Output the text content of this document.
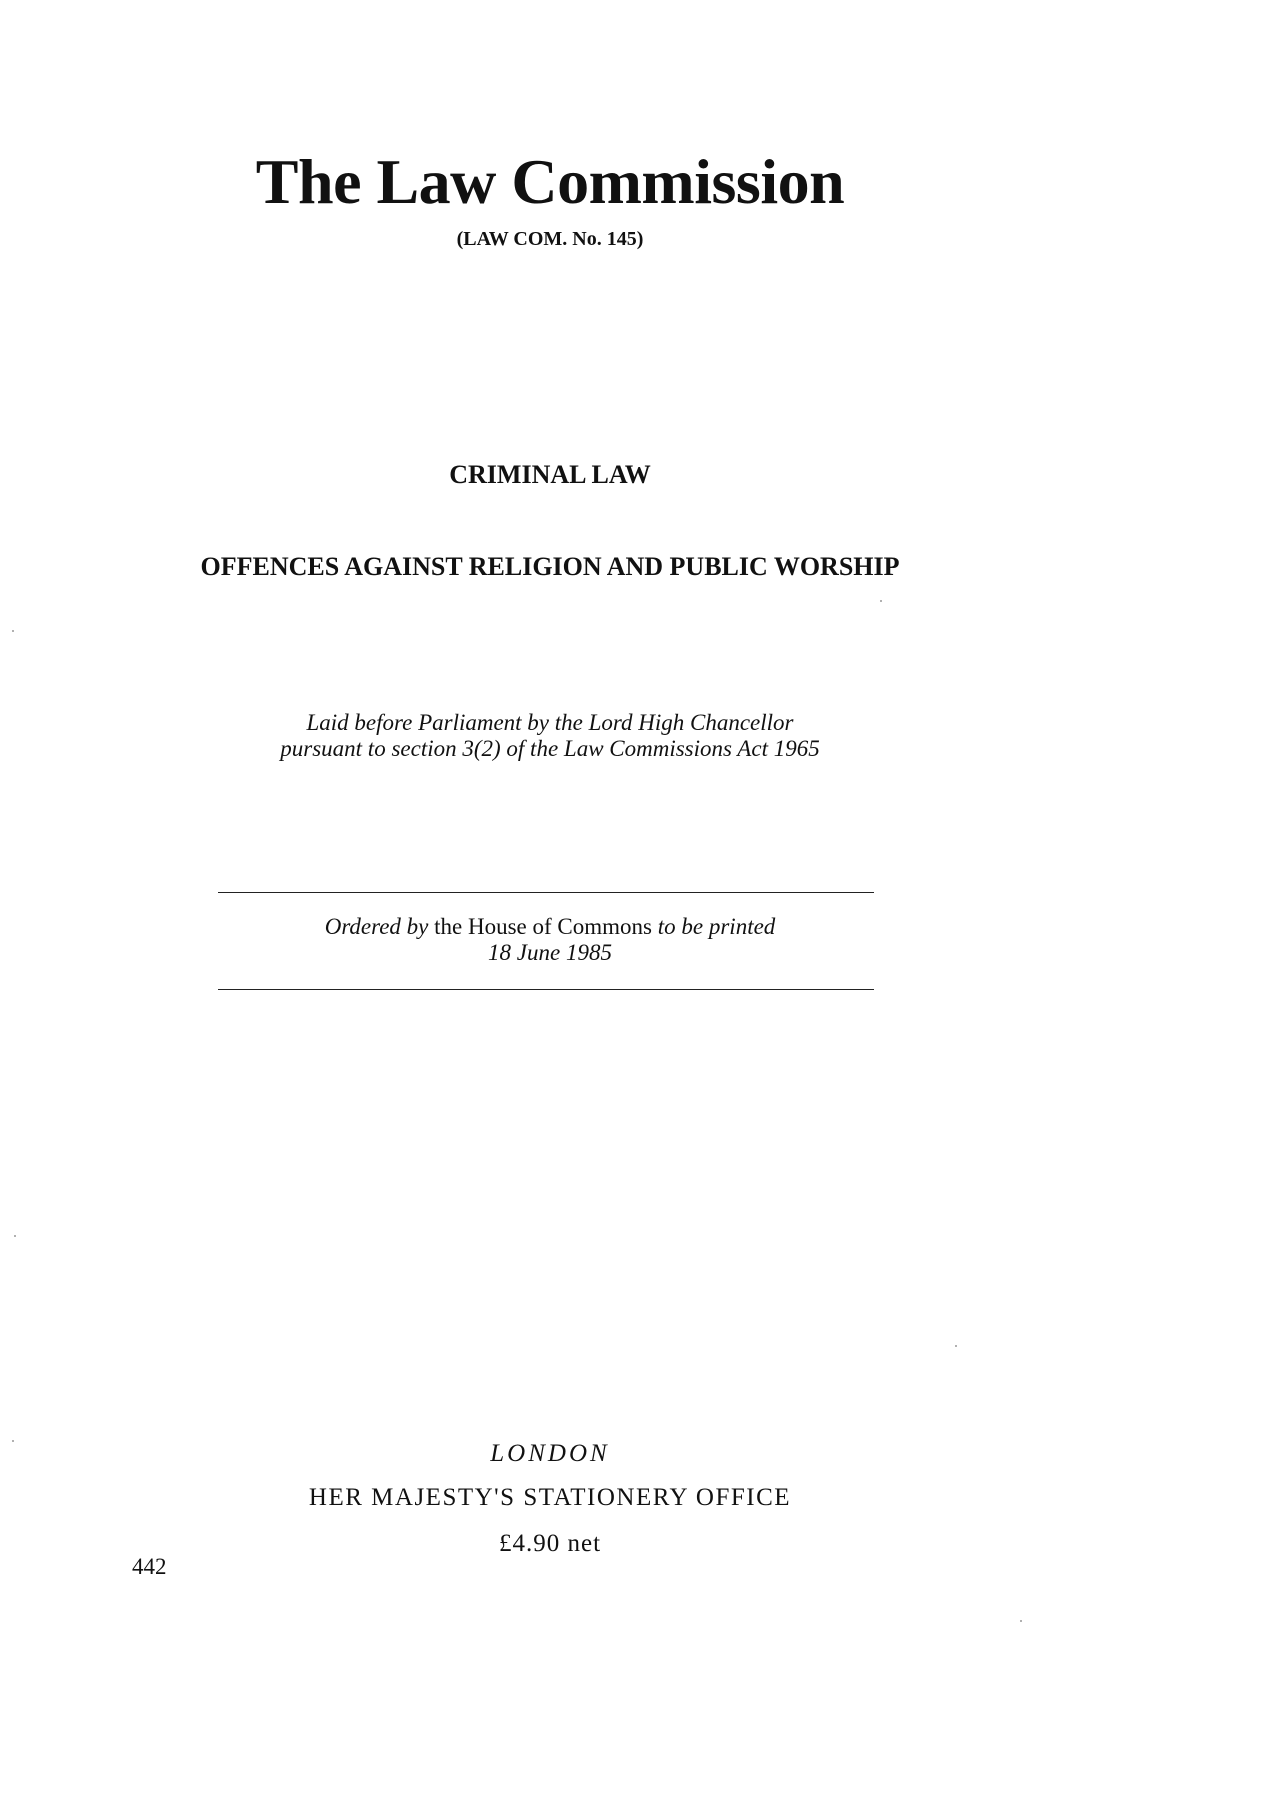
The Law Commission
(LAW COM. No. 145)
CRIMINAL LAW
OFFENCES AGAINST RELIGION AND PUBLIC WORSHIP
Laid before Parliament by the Lord High Chancellor
pursuant to section 3(2) of the Law Commissions Act 1965
Ordered by the House of Commons to be printed
18 June 1985
LONDON
HER MAJESTY'S STATIONERY OFFICE
£4.90 net
442
